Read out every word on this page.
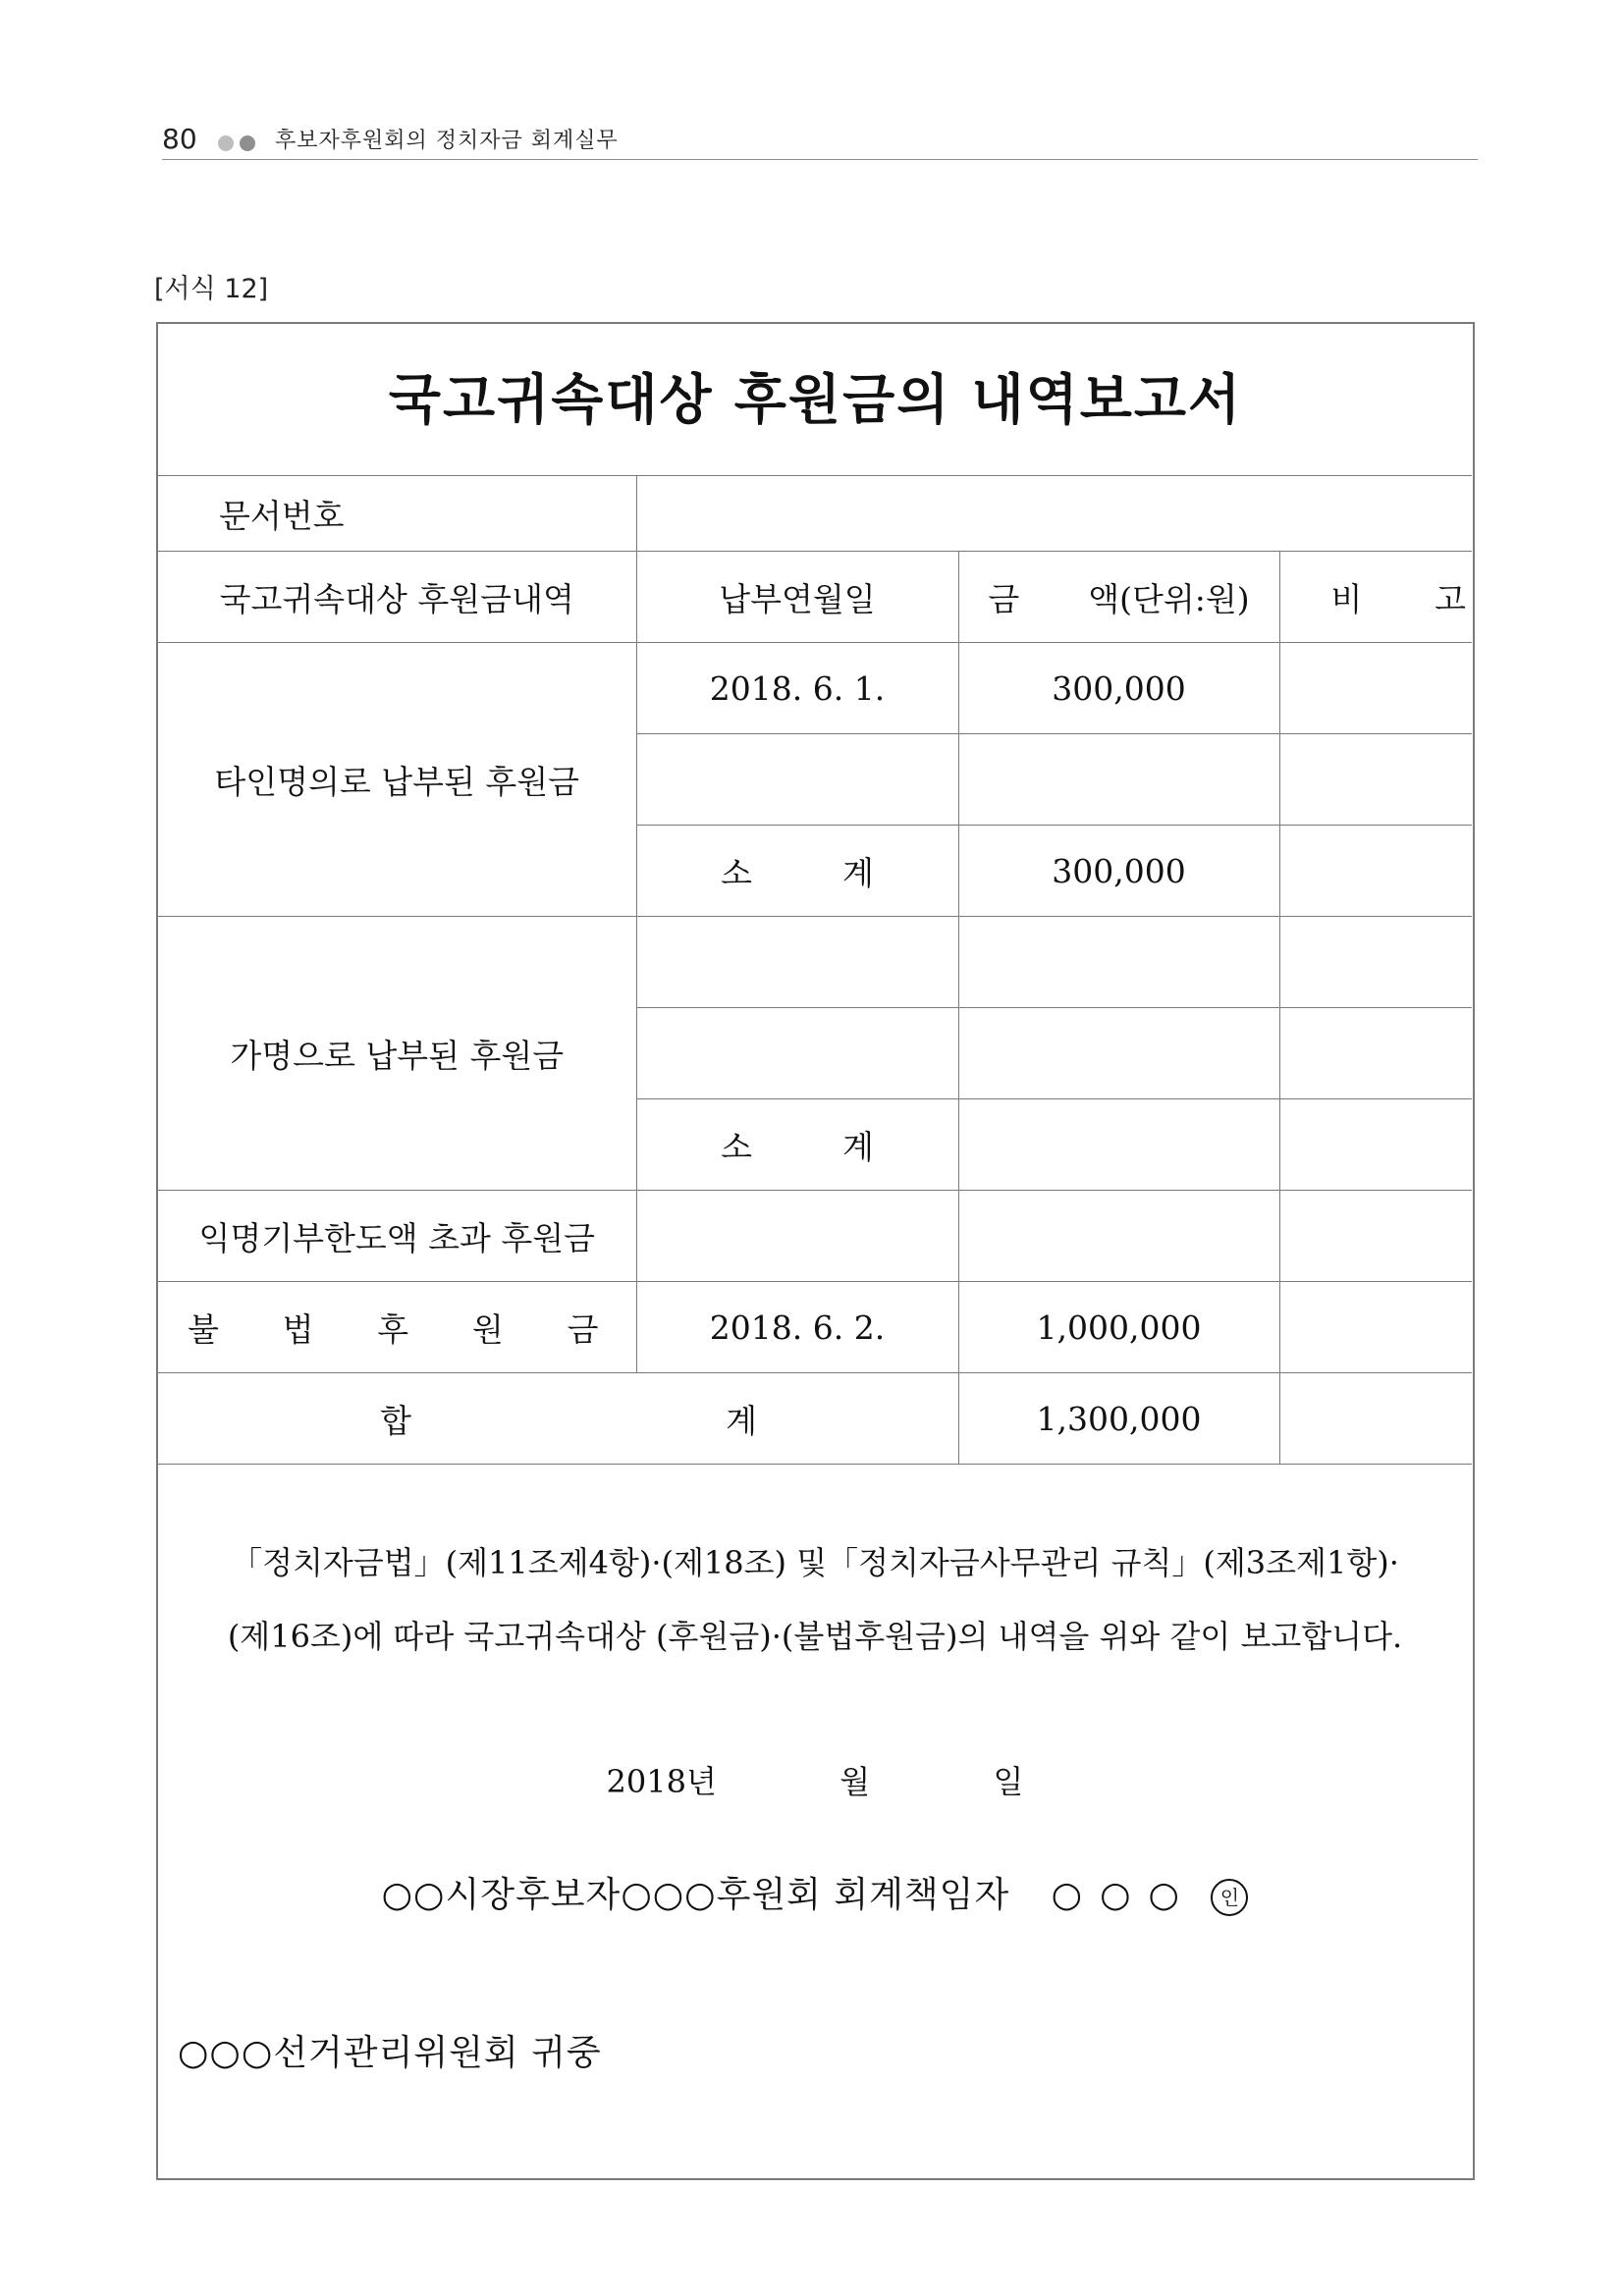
80	후보자후원회의 정치자금 회계실무
[서식 12]
국고귀속대상 후원금의 내역보고서
문서번호			
국고귀속대상 후원금내역	납부연월일	금 액(단위:원)	비 고

타인명의로 납부된 후원금	2018. 6. 1.	300,000	

	소 계	300,000	
가명으로 납부된 후원금			

	소 계		

익명기부한도액 초과 후원금			

불 법 후 원 금	2018. 6. 2.	1,000,000	

합 계		1,300,000	
「정치자금법」(제11조제4항)·(제18조) 및「정치자금사무관리 규칙」(제3조제1항)·
(제16조)에 따라 국고귀속대상 (후원금)·(불법후원금)의 내역을 위와 같이 보고합니다.
2018년	월	일
○○시장후보자○○○후원회 회계책임자 ○○○ 인
○○○선거관리위원회 귀중
